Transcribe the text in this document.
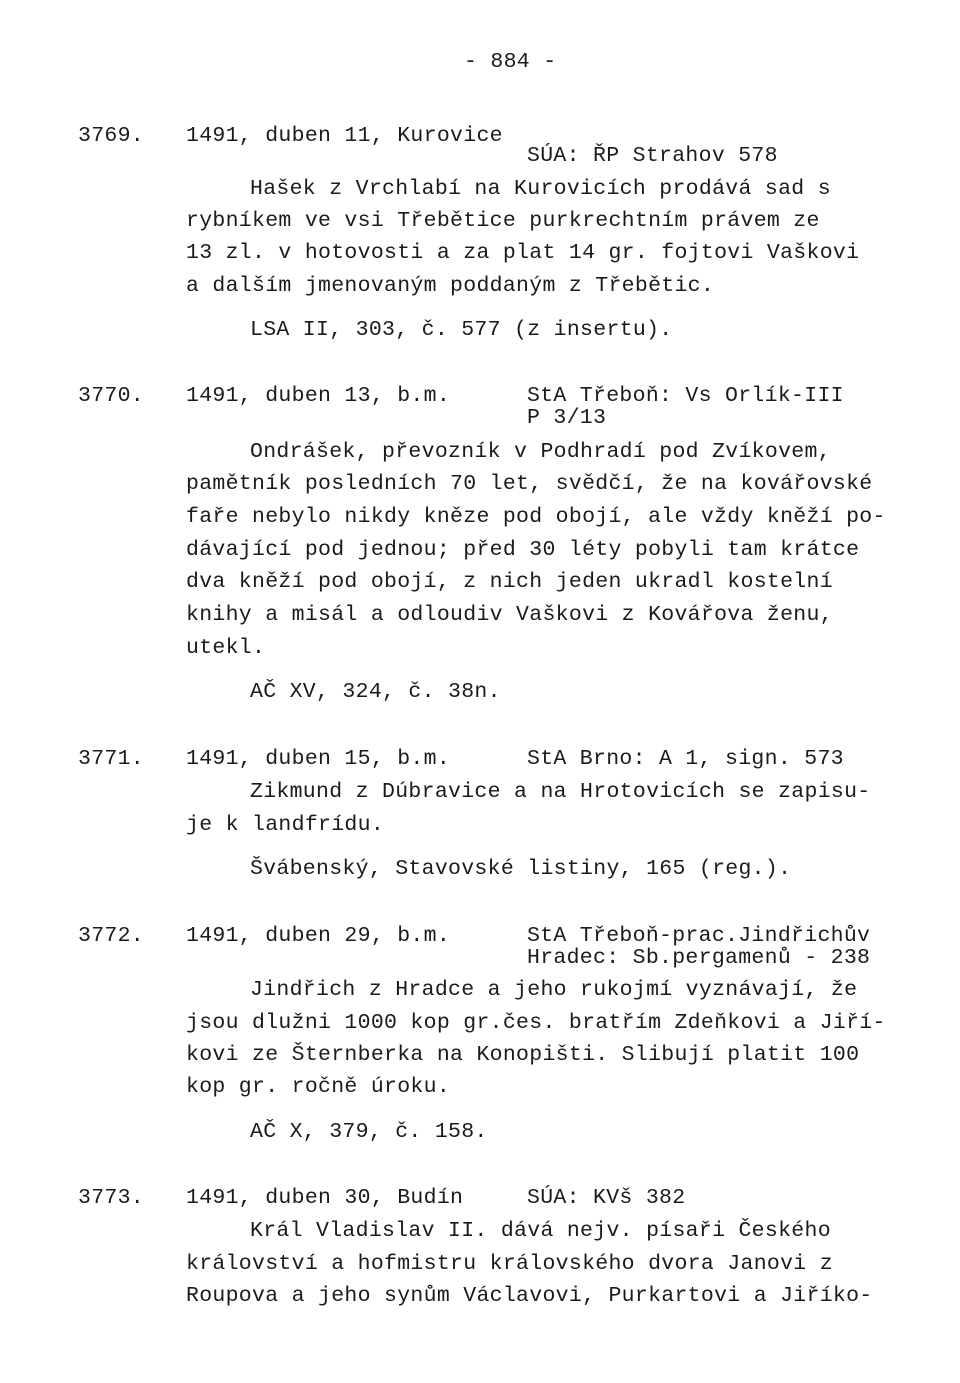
- 884 -
3769. 1491, duben 11, Kurovice
SÚA: ŘP Strahov 578
Hašek z Vrchlabí na Kurovicích prodává sad s
rybníkem ve vsi Třebětice purkrechtním právem ze
13 zl. v hotovosti a za plat 14 gr. fojtovi Vaškovi
a dalším jmenovaným poddaným z Třebětic.
LSA II, 303, č. 577 (z insertu).
3770. 1491, duben 13, b.m.	StA Třeboň: Vs Orlík-III
P 3/13
Ondrášek, převozník v Podhradí pod Zvíkovem,
pamětník posledních 70 let, svědčí, že na kovářovské
faře nebylo nikdy kněze pod obojí, ale vždy kněží po-
dávající pod jednou; před 30 léty pobyli tam krátce
dva kněží pod obojí, z nich jeden ukradl kostelní
knihy a misál a odloudiv Vaškovi z Kovářova ženu,
utekl.
AČ XV, 324, č. 38n.
3771. 1491, duben 15, b.m.	StA Brno: A 1, sign. 573
Zikmund z Dúbravice a na Hrotovicích se zapisu-
je k landfrídu.
Švábenský, Stavovské listiny, 165 (reg.).
3772. 1491, duben 29, b.m.	StA Třeboň-prac.Jindřichův
Hradec: Sb.pergamenů - 238
Jindřich z Hradce a jeho rukojmí vyznávají, že
jsou dlužni 1000 kop gr.čes. bratřím Zdeňkovi a Jiří-
kovi ze Šternberka na Konopišti. Slibují platit 100
kop gr. ročně úroku.
AČ X, 379, č. 158.
3773. 1491, duben 30, Budín	SÚA: KVš 382
Král Vladislav II. dává nejv. písaři Českého
království a hofmistru královského dvora Janovi z
Roupova a jeho synům Václavovi, Purkartovi a Jiříko-
